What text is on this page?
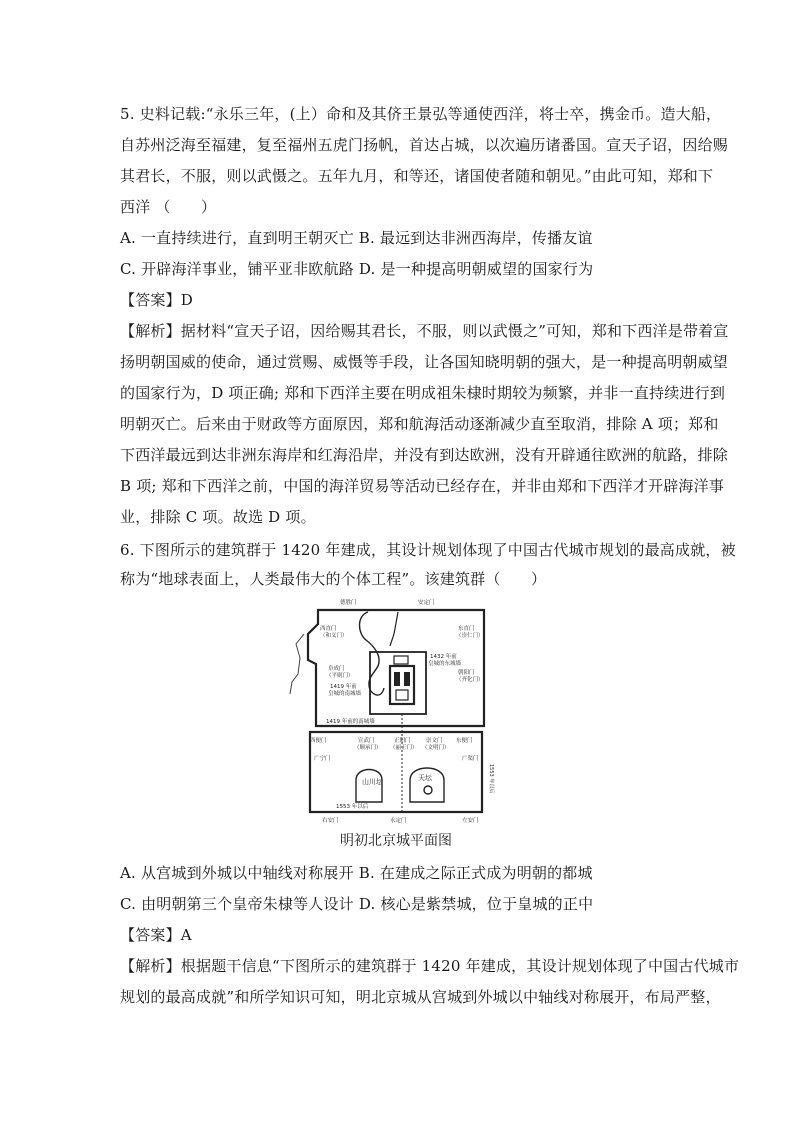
5. 史料记载:“永乐三年，(上）命和及其侪王景弘等通使西洋，将士卒，携金币。造大船，
自苏州泛海至福建，复至福州五虎门扬帆，首达占城，以次遍历诸番国。宣天子诏，因给赐
其君长，不服，则以武慑之。五年九月，和等还，诸国使者随和朝见。”由此可知，郑和下
西洋 （　　）
A. 一直持续进行，直到明王朝灭亡 B. 最远到达非洲西海岸，传播友谊
C. 开辟海洋事业，铺平亚非欧航路 D. 是一种提高明朝威望的国家行为
【答案】D
【解析】据材料“宣天子诏，因给赐其君长，不服，则以武慑之”可知，郑和下西洋是带着宣
扬明朝国威的使命，通过赏赐、威慑等手段，让各国知晓明朝的强大，是一种提高明朝威望
的国家行为，D 项正确; 郑和下西洋主要在明成祖朱棣时期较为频繁，并非一直持续进行到
明朝灭亡。后来由于财政等方面原因，郑和航海活动逐渐减少直至取消，排除 A 项；郑和
下西洋最远到达非洲东海岸和红海沿岸，并没有到达欧洲，没有开辟通往欧洲的航路，排除
B 项; 郑和下西洋之前，中国的海洋贸易等活动已经存在，并非由郑和下西洋才开辟海洋事
业，排除 C 项。故选 D 项。
6. 下图所示的建筑群于 1420 年建成，其设计规划体现了中国古代城市规划的最高成就，被
称为“地球表面上，人类最伟大的个体工程”。该建筑群（　　）
德胜门	安定门
西直门
（和义门）
东直门
（崇仁门）
阜成门
（平则门）	朝阳门
（齐化门）
1419 年前
皇城的南城墙
1432 年前
皇城的东城墙
1419 年前的南城墙
西便门	宣武门
（顺承门）
正阳门
（丽正门）
崇文门
（文明门）
东便门
广宁门	广渠门
1553 年以后
右安门	永定门	左安门
山川坛	天坛	1553 年以后
明初北京城平面图
A. 从宫城到外城以中轴线对称展开 B. 在建成之际正式成为明朝的都城
C. 由明朝第三个皇帝朱棣等人设计 D. 核心是紫禁城，位于皇城的正中
【答案】A
【解析】根据题干信息“下图所示的建筑群于 1420 年建成，其设计规划体现了中国古代城市
规划的最高成就”和所学知识可知，明北京城从宫城到外城以中轴线对称展开，布局严整，
